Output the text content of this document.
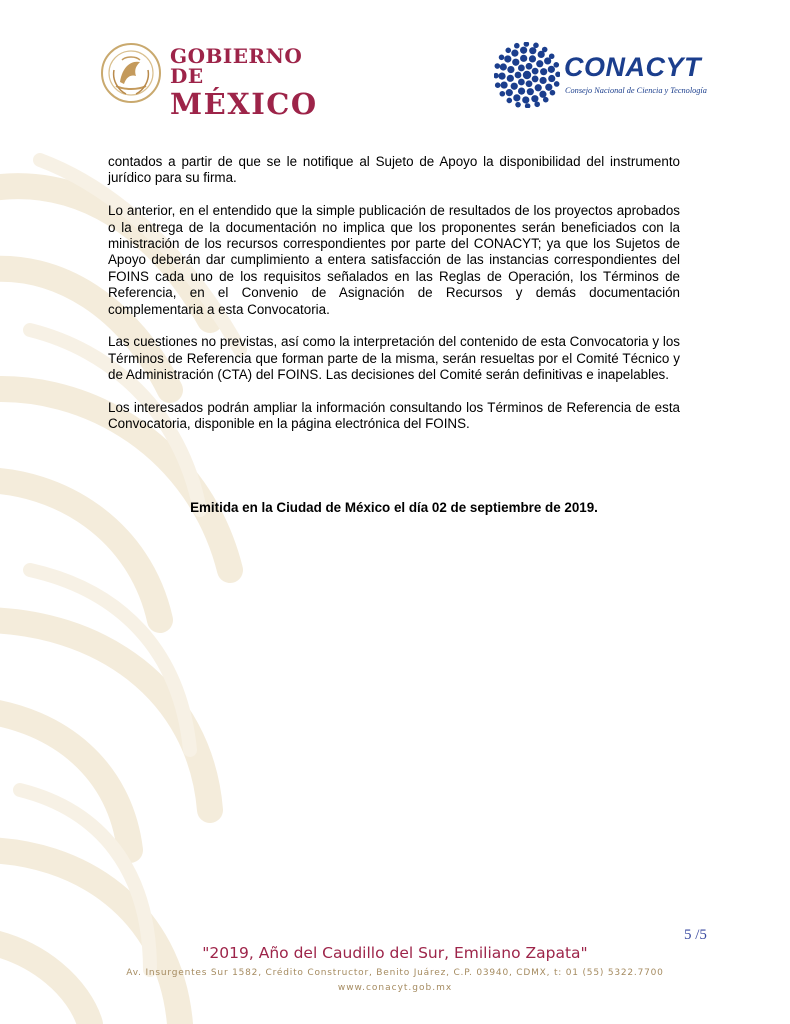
GOBIERNO DE
MÉXICO
CONACYT
Consejo Nacional de Ciencia y Tecnología

contados a partir de que se le notifique al Sujeto de Apoyo la disponibilidad del instrumento jurídico para su firma.

Lo anterior, en el entendido que la simple publicación de resultados de los proyectos aprobados o la entrega de la documentación no implica que los proponentes serán beneficiados con la ministración de los recursos correspondientes por parte del CONACYT; ya que los Sujetos de Apoyo deberán dar cumplimiento a entera satisfacción de las instancias correspondientes del FOINS cada uno de los requisitos señalados en las Reglas de Operación, los Términos de Referencia, en el Convenio de Asignación de Recursos y demás documentación complementaria a esta Convocatoria.

Las cuestiones no previstas, así como la interpretación del contenido de esta Convocatoria y los Términos de Referencia que forman parte de la misma, serán resueltas por el Comité Técnico y de Administración (CTA) del FOINS. Las decisiones del Comité serán definitivas e inapelables.

Los interesados podrán ampliar la información consultando los Términos de Referencia de esta Convocatoria, disponible en la página electrónica del FOINS.

Emitida en la Ciudad de México el día 02 de septiembre de 2019.
5 /5
"2019, Año del Caudillo del Sur, Emiliano Zapata"
Av. Insurgentes Sur 1582, Crédito Constructor, Benito Juárez, C.P. 03940, CDMX, t: 01 (55) 5322.7700
www.conacyt.gob.mx
